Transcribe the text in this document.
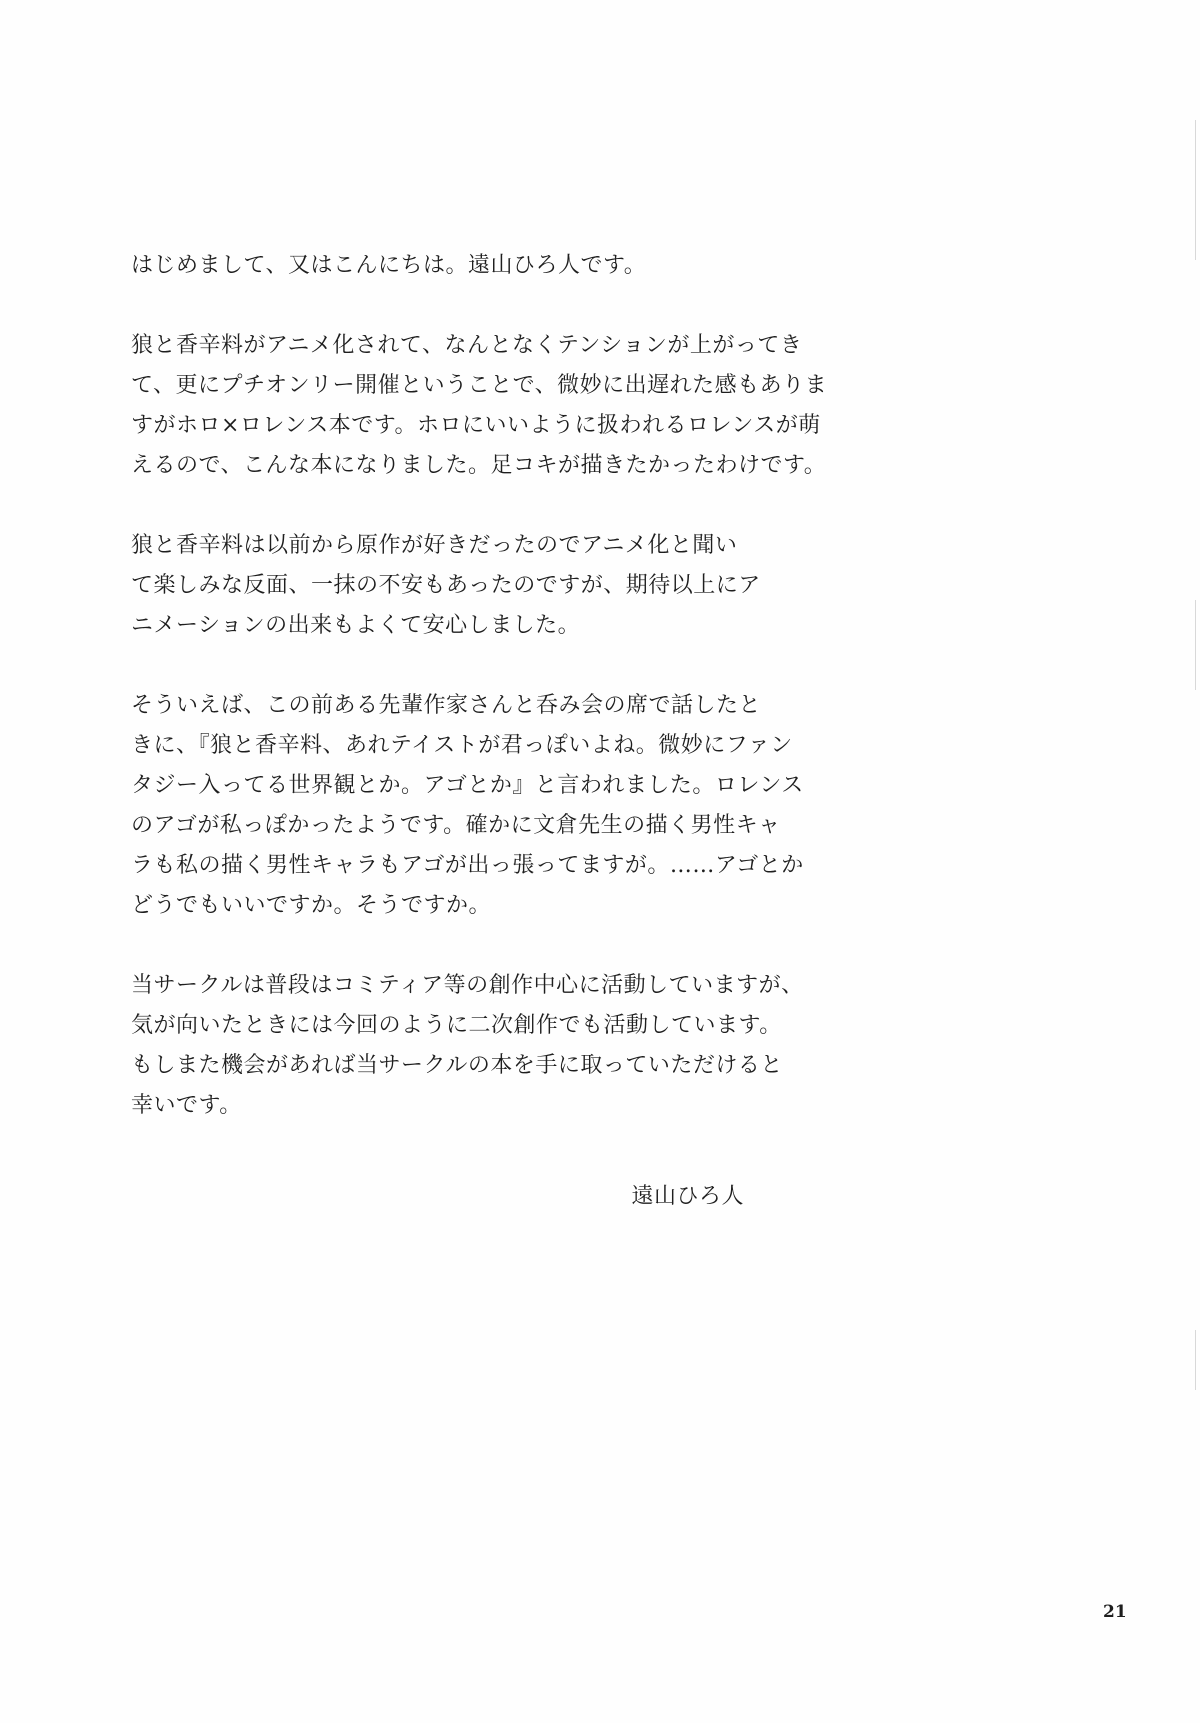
はじめまして、又はこんにちは。遠山ひろ人です。

狼と香辛料がアニメ化されて、なんとなくテンションが上がってき
て、更にプチオンリー開催ということで、微妙に出遅れた感もありま
すがホロ×ロレンス本です。ホロにいいように扱われるロレンスが萌
えるので、こんな本になりました。足コキが描きたかったわけです。

狼と香辛料は以前から原作が好きだったのでアニメ化と聞い
て楽しみな反面、一抹の不安もあったのですが、期待以上にア
ニメーションの出来もよくて安心しました。

そういえば、この前ある先輩作家さんと呑み会の席で話したと
きに、『狼と香辛料、あれテイストが君っぽいよね。微妙にファン
タジー入ってる世界観とか。アゴとか』と言われました。ロレンス
のアゴが私っぽかったようです。確かに文倉先生の描く男性キャ
ラも私の描く男性キャラもアゴが出っ張ってますが。……アゴとか
どうでもいいですか。そうですか。

当サークルは普段はコミティア等の創作中心に活動していますが、
気が向いたときには今回のように二次創作でも活動しています。
もしまた機会があれば当サークルの本を手に取っていただけると
幸いです。

遠山ひろ人
21
